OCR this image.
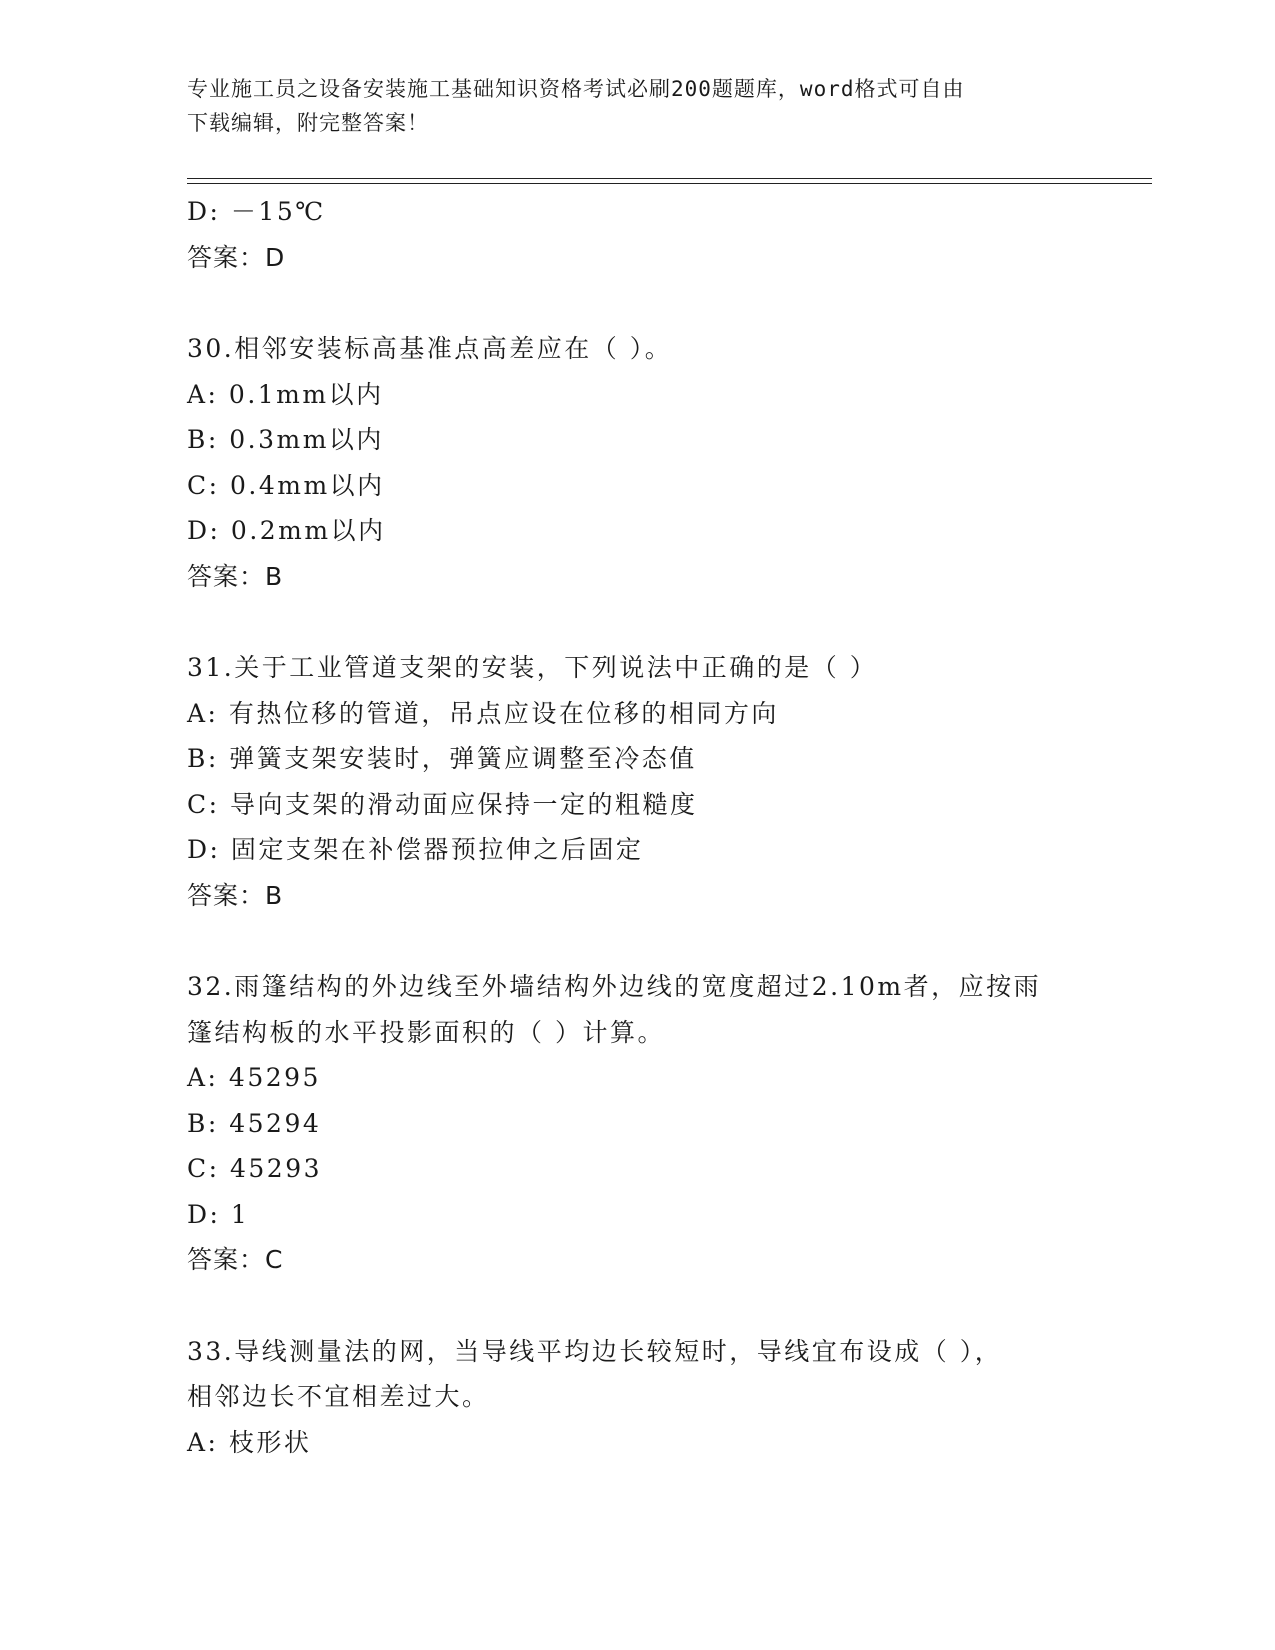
专业施工员之设备安装施工基础知识资格考试必刷200题题库，word格式可自由
下载编辑，附完整答案！
D: －15℃
答案：D
30.相邻安装标高基准点高差应在（ ）。
A: 0.1mm以内
B: 0.3mm以内
C: 0.4mm以内
D: 0.2mm以内
答案：B
31.关于工业管道支架的安装，下列说法中正确的是（ ）
A: 有热位移的管道，吊点应设在位移的相同方向
B: 弹簧支架安装时，弹簧应调整至冷态值
C: 导向支架的滑动面应保持一定的粗糙度
D: 固定支架在补偿器预拉伸之后固定
答案：B
32.雨篷结构的外边线至外墙结构外边线的宽度超过2.10m者，应按雨
篷结构板的水平投影面积的（ ）计算。
A: 45295
B: 45294
C: 45293
D: 1
答案：C
33.导线测量法的网，当导线平均边长较短时，导线宜布设成（ ），
相邻边长不宜相差过大。
A: 枝形状
